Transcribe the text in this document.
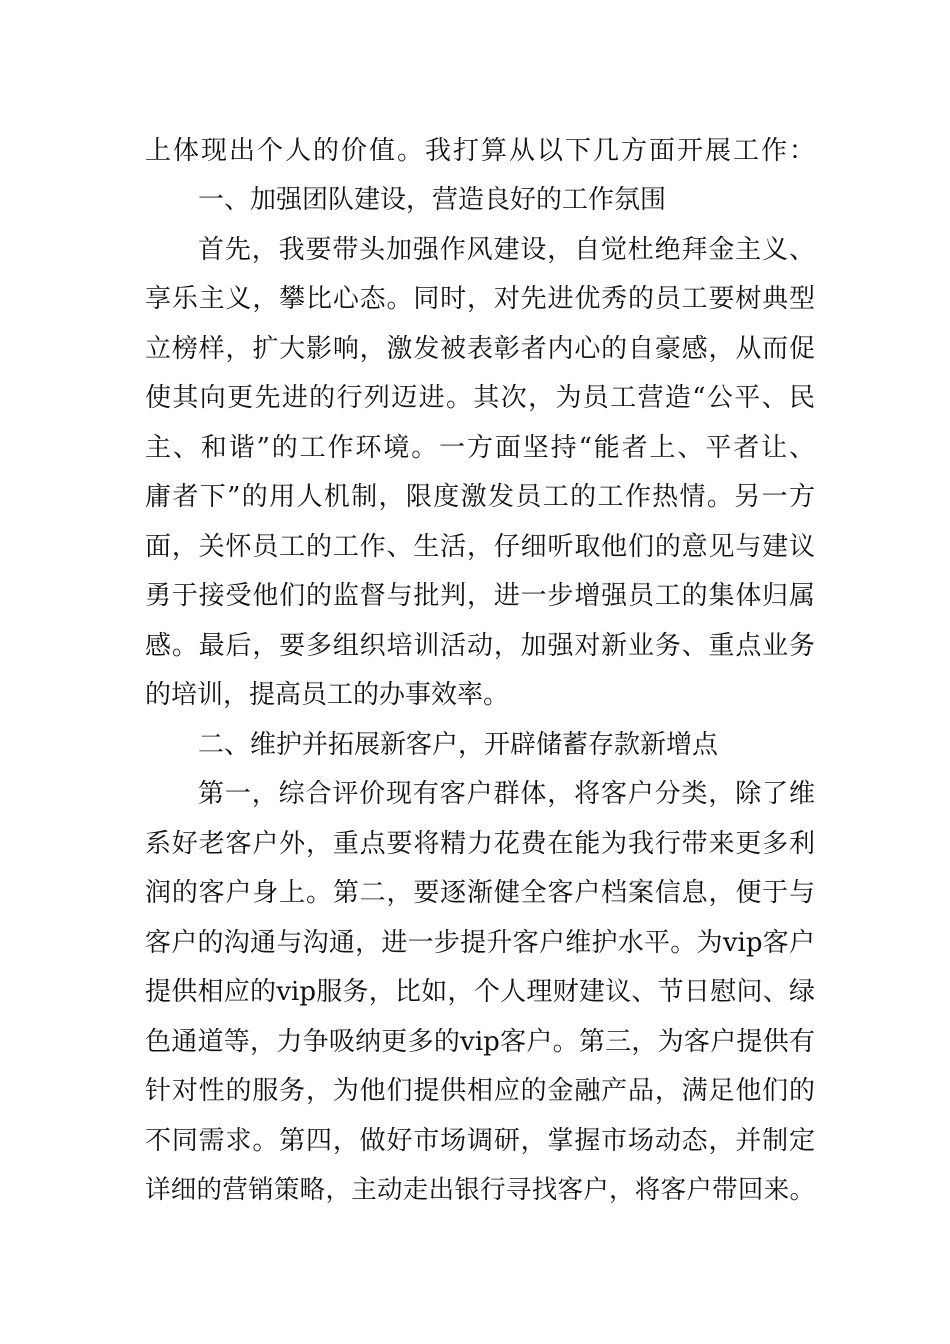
上体现出个人的价值。我打算从以下几方面开展工作：
一、加强团队建设，营造良好的工作氛围
首先，我要带头加强作风建设，自觉杜绝拜金主义、
享乐主义，攀比心态。同时，对先进优秀的员工要树典型
立榜样，扩大影响，激发被表彰者内心的自豪感，从而促
使其向更先进的行列迈进。其次，为员工营造“公平、民
主、和谐”的工作环境。一方面坚持“能者上、平者让、
庸者下”的用人机制，限度激发员工的工作热情。另一方
面，关怀员工的工作、生活，仔细听取他们的意见与建议
勇于接受他们的监督与批判，进一步增强员工的集体归属
感。最后，要多组织培训活动，加强对新业务、重点业务
的培训，提高员工的办事效率。
二、维护并拓展新客户，开辟储蓄存款新增点
第一，综合评价现有客户群体，将客户分类，除了维
系好老客户外，重点要将精力花费在能为我行带来更多利
润的客户身上。第二，要逐渐健全客户档案信息，便于与
客户的沟通与沟通，进一步提升客户维护水平。为vip客户
提供相应的vip服务，比如，个人理财建议、节日慰问、绿
色通道等，力争吸纳更多的vip客户。第三，为客户提供有
针对性的服务，为他们提供相应的金融产品，满足他们的
不同需求。第四，做好市场调研，掌握市场动态，并制定
详细的营销策略，主动走出银行寻找客户，将客户带回来。
